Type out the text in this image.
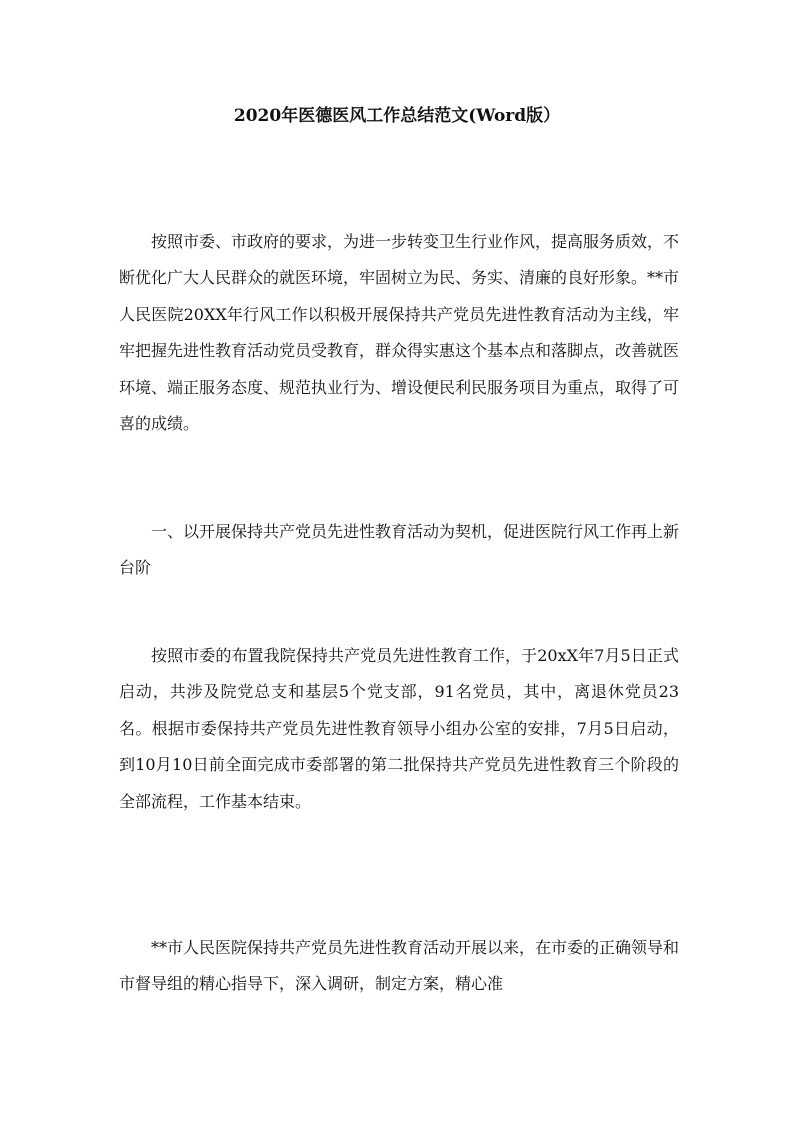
2020年医德医风工作总结范文(Word版）

按照市委、市政府的要求，为进一步转变卫生行业作风，提高服务质效，不断优化广大人民群众的就医环境，牢固树立为民、务实、清廉的良好形象。**市人民医院20XX年行风工作以积极开展保持共产党员先进性教育活动为主线，牢牢把握先进性教育活动党员受教育，群众得实惠这个基本点和落脚点，改善就医环境、端正服务态度、规范执业行为、增设便民利民服务项目为重点，取得了可喜的成绩。

一、以开展保持共产党员先进性教育活动为契机，促进医院行风工作再上新台阶

按照市委的布置我院保持共产党员先进性教育工作，于20xX年7月5日正式启动，共涉及院党总支和基层5个党支部，91名党员，其中，离退休党员23名。根据市委保持共产党员先进性教育领导小组办公室的安排，7月5日启动，到10月10日前全面完成市委部署的第二批保持共产党员先进性教育三个阶段的全部流程，工作基本结束。

**市人民医院保持共产党员先进性教育活动开展以来，在市委的正确领导和市督导组的精心指导下，深入调研，制定方案，精心准
